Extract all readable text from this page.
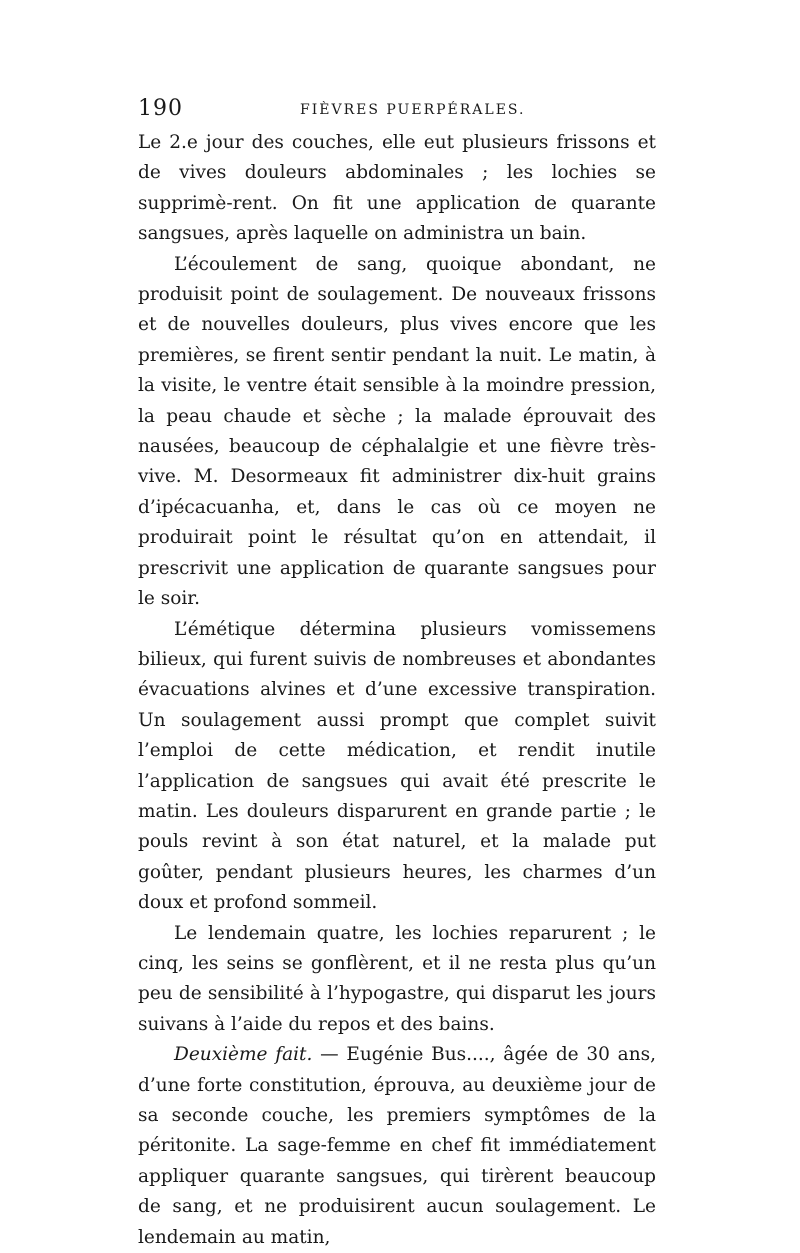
190	FIÈVRES PUERPÉRALES.

Le 2.e jour des couches, elle eut plusieurs frissons et de vives douleurs abdominales ; les lochies se supprimè-rent. On fit une application de quarante sangsues, après laquelle on administra un bain.

L’écoulement de sang, quoique abondant, ne produisit point de soulagement. De nouveaux frissons et de nouvelles douleurs, plus vives encore que les premières, se firent sentir pendant la nuit. Le matin, à la visite, le ventre était sensible à la moindre pression, la peau chaude et sèche ; la malade éprouvait des nausées, beaucoup de céphalalgie et une fièvre très-vive. M. Desormeaux fit administrer dix-huit grains d’ipécacuanha, et, dans le cas où ce moyen ne produirait point le résultat qu’on en attendait, il prescrivit une application de quarante sangsues pour le soir.

L’émétique détermina plusieurs vomissemens bilieux, qui furent suivis de nombreuses et abondantes évacuations alvines et d’une excessive transpiration. Un soulagement aussi prompt que complet suivit l’emploi de cette médication, et rendit inutile l’application de sangsues qui avait été prescrite le matin. Les douleurs disparurent en grande partie ; le pouls revint à son état naturel, et la malade put goûter, pendant plusieurs heures, les charmes d’un doux et profond sommeil.

Le lendemain quatre, les lochies reparurent ; le cinq, les seins se gonflèrent, et il ne resta plus qu’un peu de sensibilité à l’hypogastre, qui disparut les jours suivans à l’aide du repos et des bains.

Deuxième fait. — Eugénie Bus...., âgée de 30 ans, d’une forte constitution, éprouva, au deuxième jour de sa seconde couche, les premiers symptômes de la péritonite. La sage-femme en chef fit immédiatement appliquer quarante sangsues, qui tirèrent beaucoup de sang, et ne produisirent aucun soulagement. Le lendemain au matin,
